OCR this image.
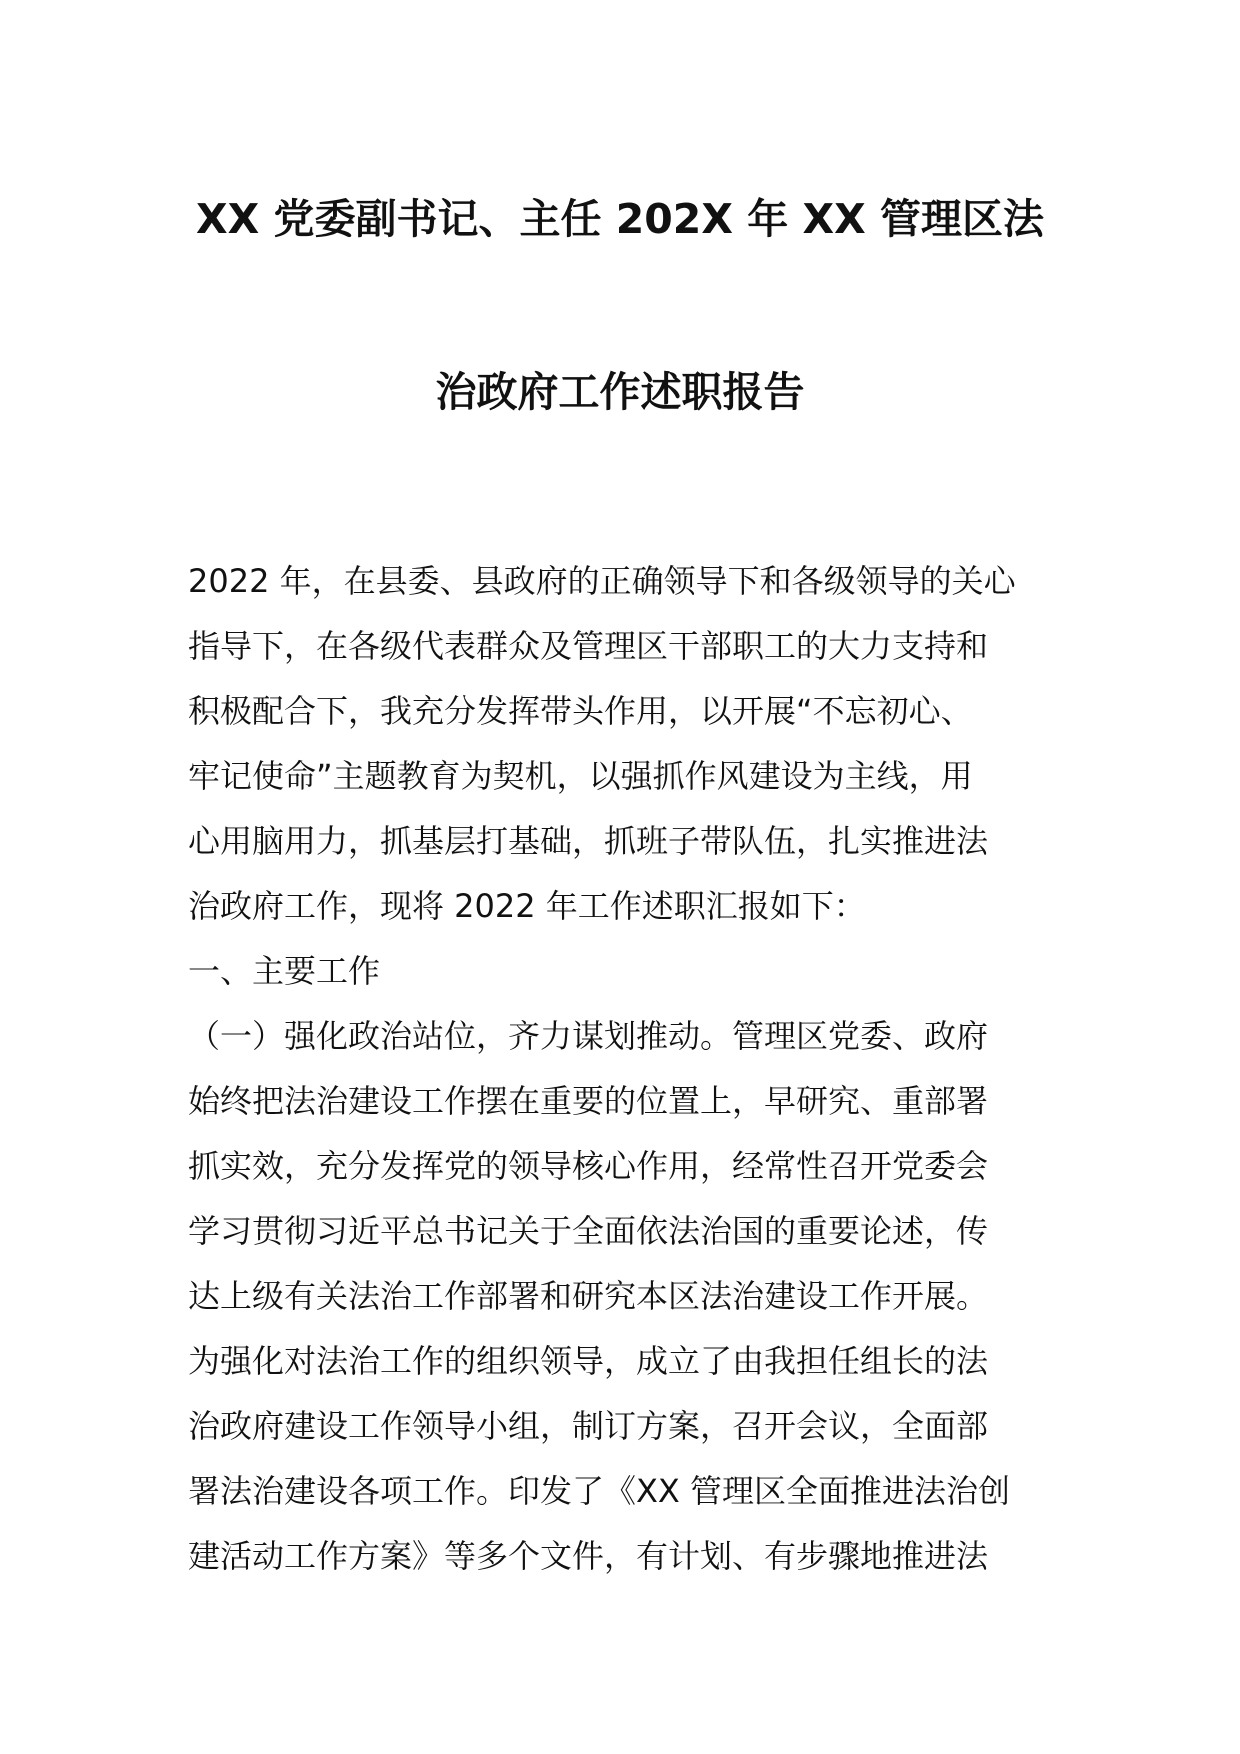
XX 党委副书记、主任 202X 年 XX 管理区法
治政府工作述职报告
2022 年，在县委、县政府的正确领导下和各级领导的关心
指导下，在各级代表群众及管理区干部职工的大力支持和
积极配合下，我充分发挥带头作用，以开展“不忘初心、
牢记使命”主题教育为契机，以强抓作风建设为主线，用
心用脑用力，抓基层打基础，抓班子带队伍，扎实推进法
治政府工作，现将 2022 年工作述职汇报如下：
一、主要工作
（一）强化政治站位，齐力谋划推动。管理区党委、政府
始终把法治建设工作摆在重要的位置上，早研究、重部署
抓实效，充分发挥党的领导核心作用，经常性召开党委会
学习贯彻习近平总书记关于全面依法治国的重要论述，传
达上级有关法治工作部署和研究本区法治建设工作开展。
为强化对法治工作的组织领导，成立了由我担任组长的法
治政府建设工作领导小组，制订方案，召开会议，全面部
署法治建设各项工作。印发了《XX 管理区全面推进法治创
建活动工作方案》等多个文件，有计划、有步骤地推进法
